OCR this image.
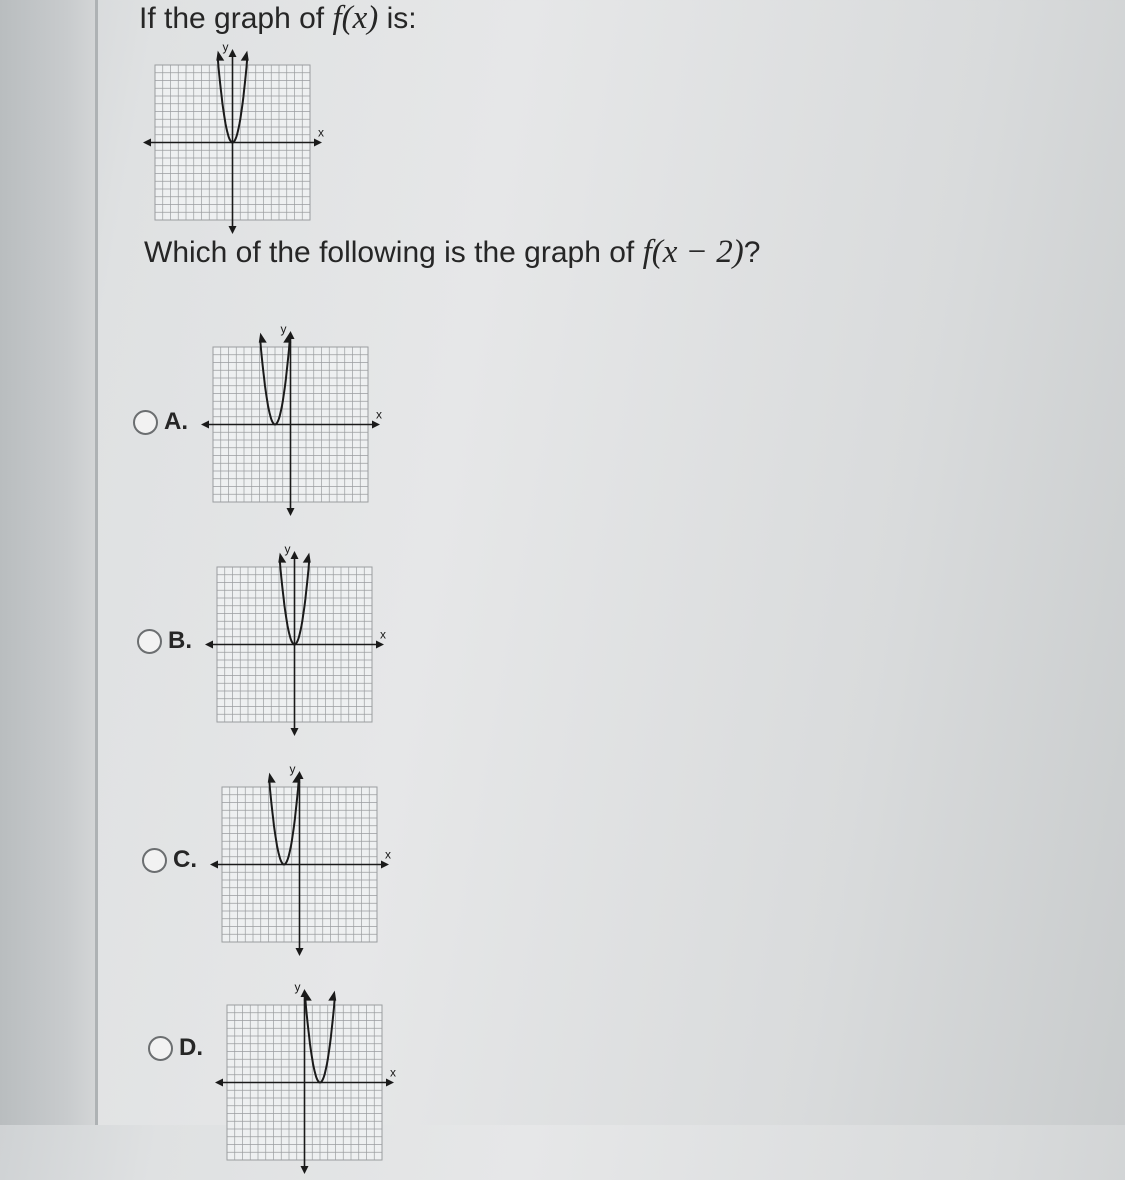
If the graph of f(x) is:
x
y
Which of the following is the graph of f(x − 2)?
A.	x
y
B.	x
y
C.	x
y
D.
x
y
